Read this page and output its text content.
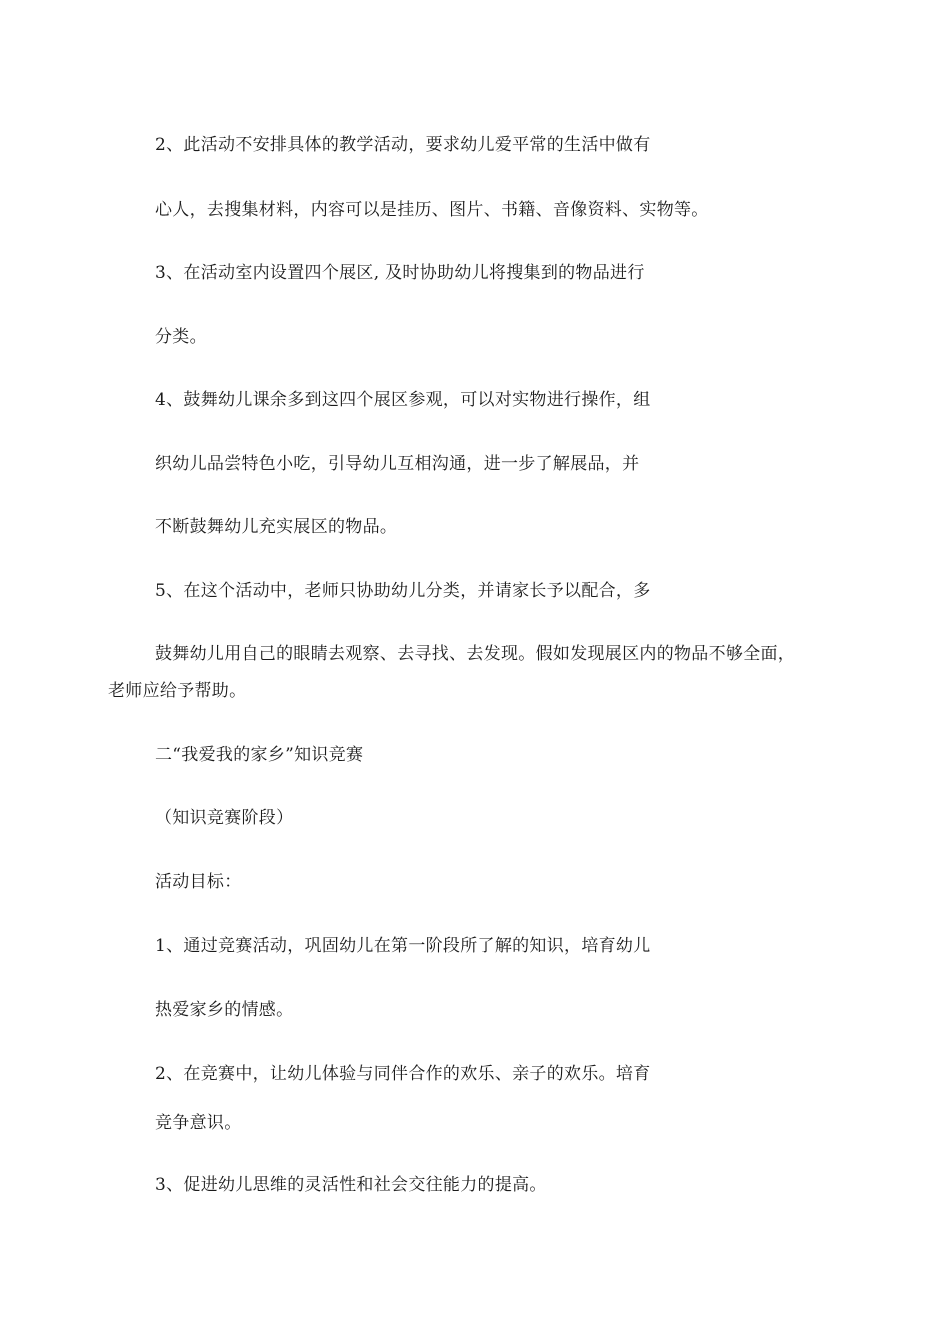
2、此活动不安排具体的教学活动，要求幼儿爱平常的生活中做有
心人，去搜集材料，内容可以是挂历、图片、书籍、音像资料、实物等。
3、在活动室内设置四个展区, 及时协助幼儿将搜集到的物品进行
分类。
4、鼓舞幼儿课余多到这四个展区参观，可以对实物进行操作，组
织幼儿品尝特色小吃，引导幼儿互相沟通，进一步了解展品，并
不断鼓舞幼儿充实展区的物品。
5、在这个活动中，老师只协助幼儿分类，并请家长予以配合，多
鼓舞幼儿用自己的眼睛去观察、去寻找、去发现。假如发现展区内的物品不够全面，
老师应给予帮助。
二“我爱我的家乡”知识竞赛
（知识竞赛阶段）
活动目标：
1、通过竞赛活动，巩固幼儿在第一阶段所了解的知识，培育幼儿
热爱家乡的情感。
2、在竞赛中，让幼儿体验与同伴合作的欢乐、亲子的欢乐。培育
竞争意识。
3、促进幼儿思维的灵活性和社会交往能力的提高。
